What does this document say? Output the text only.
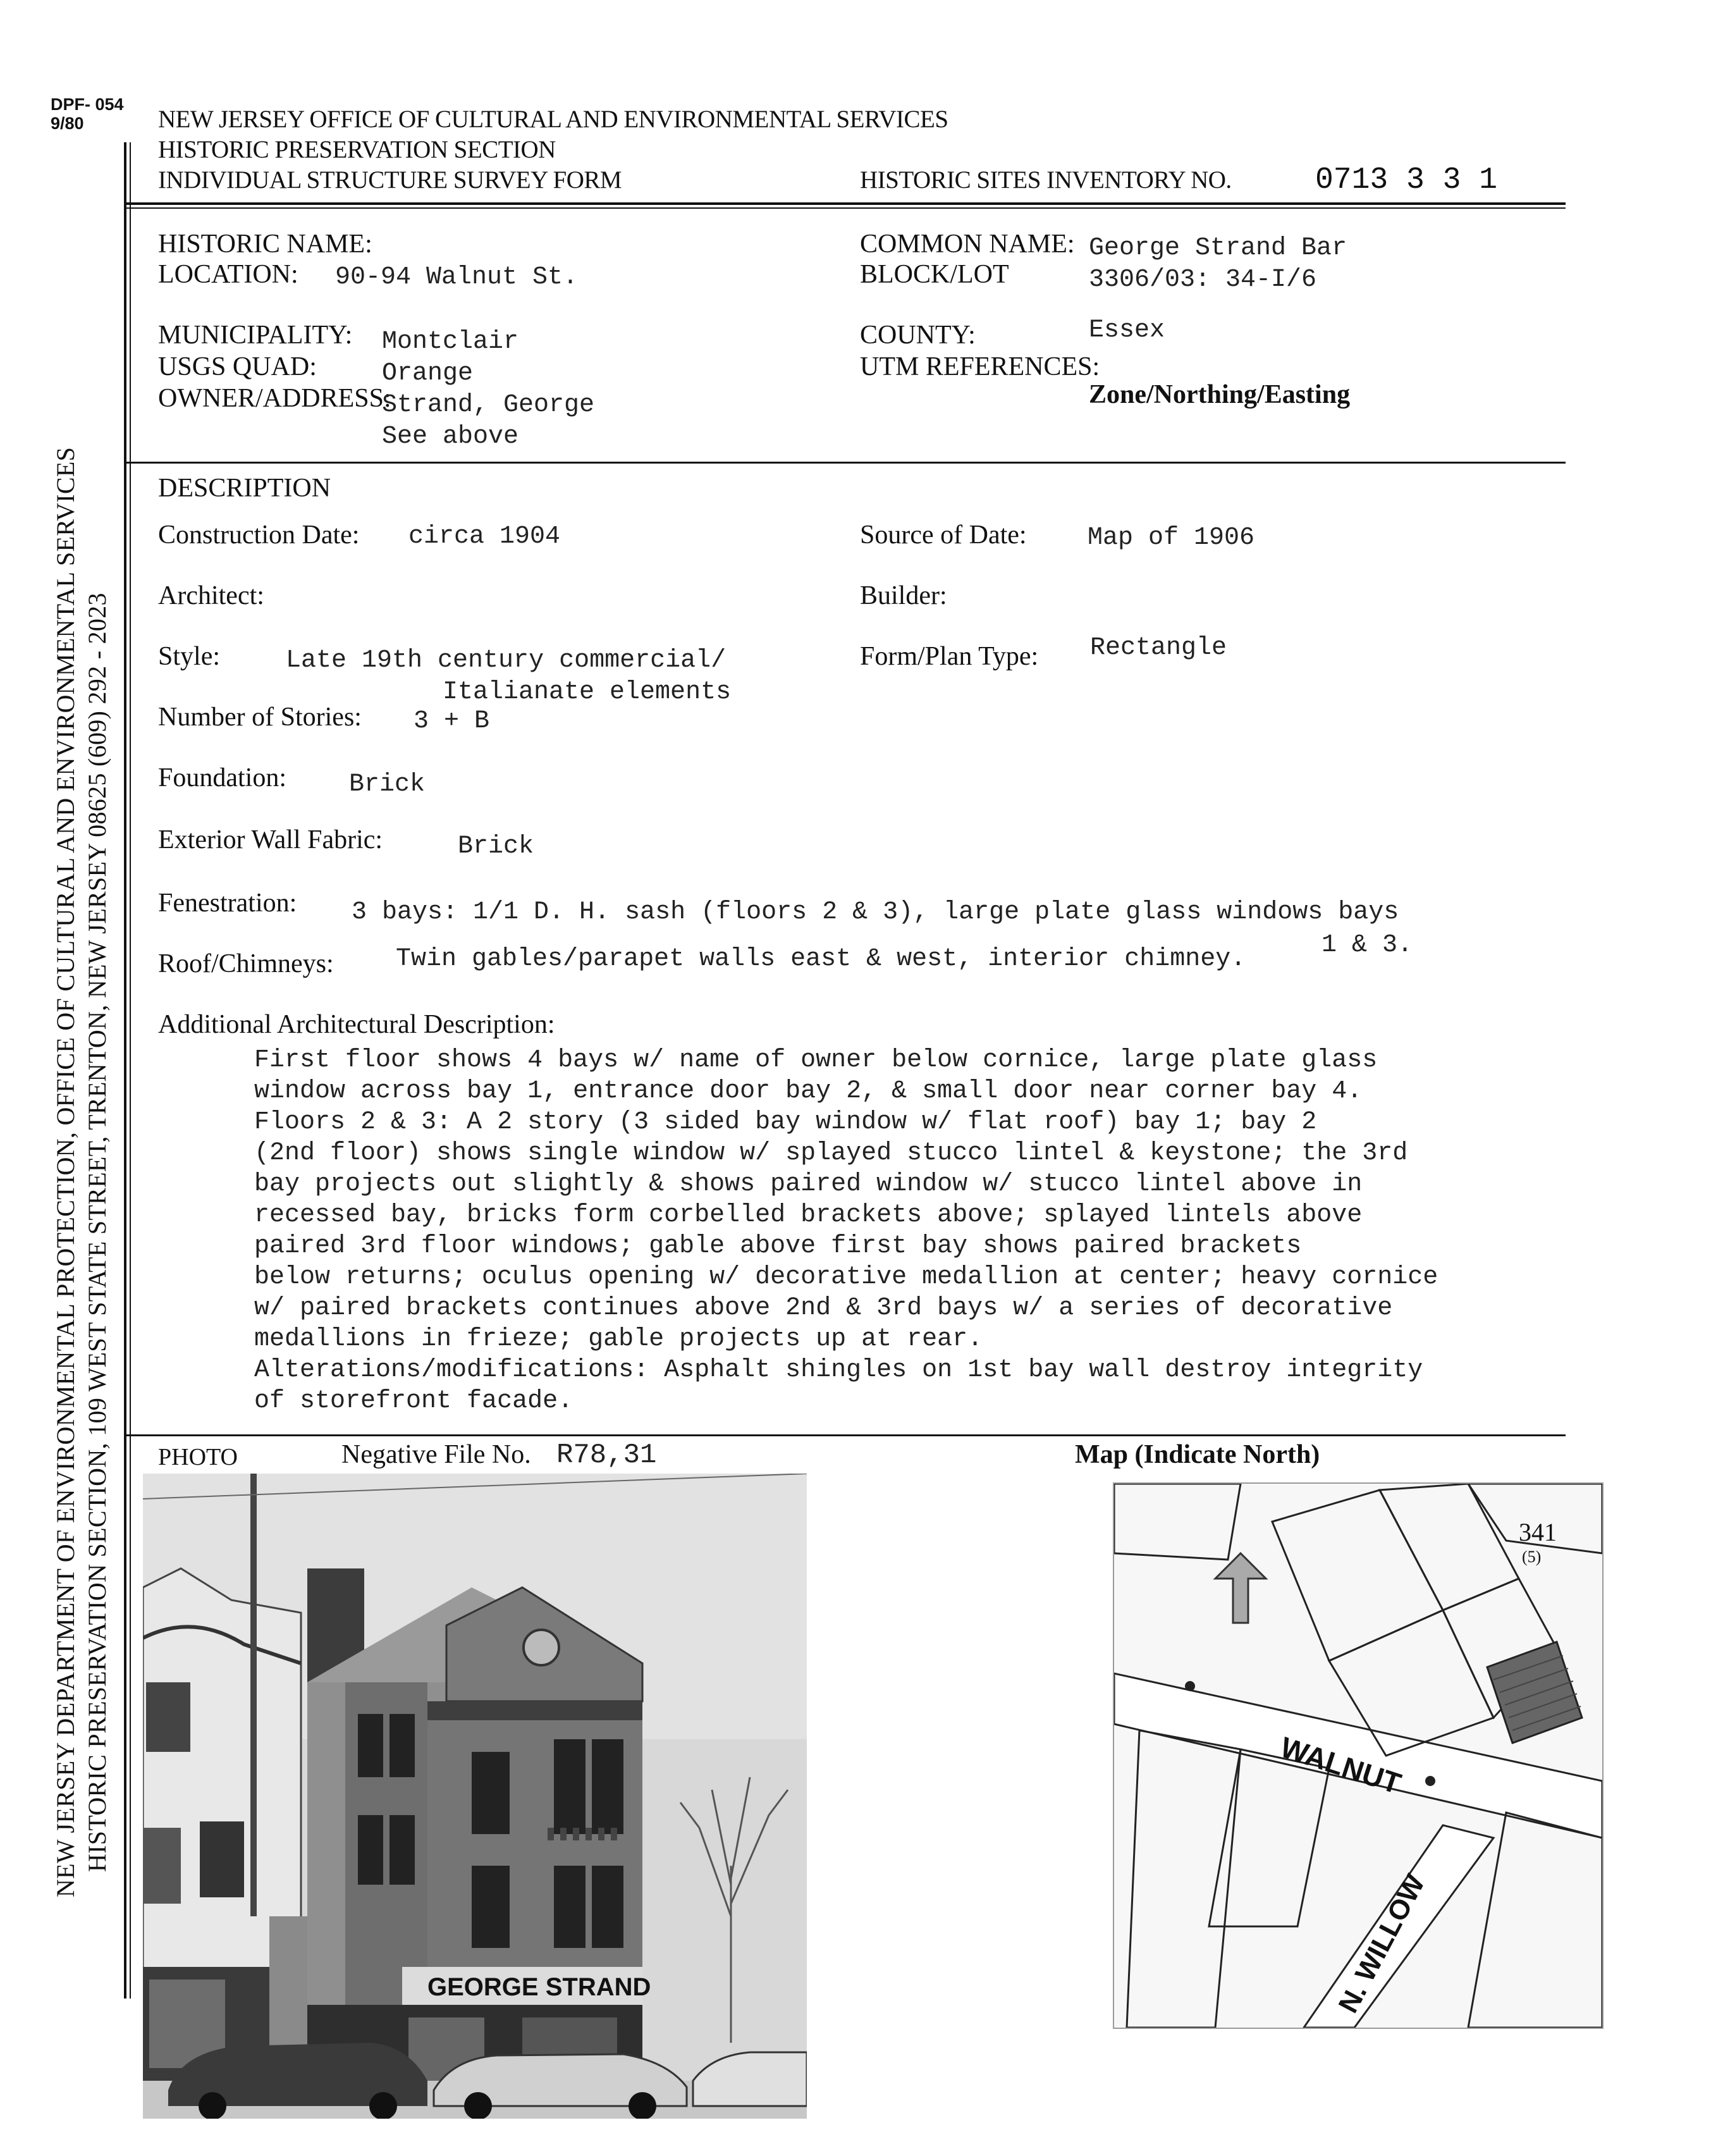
DPF- 054
9/80	NEW JERSEY OFFICE OF CULTURAL AND ENVIRONMENTAL SERVICES
HISTORIC PRESERVATION SECTION
INDIVIDUAL STRUCTURE SURVEY FORM	HISTORIC SITES INVENTORY NO.	0713 3 3 1
HISTORIC NAME:
LOCATION: 90-94 Walnut St.
COMMON NAME: George Strand Bar
BLOCK/LOT	3306/03: 34-I/6
MUNICIPALITY: Montclair
USGS QUAD:	Orange
OWNER/ADDRESS:
Strand, George
See above
COUNTY:	Essex
UTM REFERENCES:
Zone/Northing/Easting
DESCRIPTION
Construction Date: circa 1904	Source of Date: Map of 1906
Architect:	Builder:
Style:	Late 19th century commercial/
Italianate elements
Form/Plan Type: Rectangle
Number of Stories: 3 + B
Foundation: Brick
Exterior Wall Fabric:	Brick
Fenestration: 3 bays: 1/1 D. H. sash (floors 2 & 3), large plate glass windows bays
1 & 3.
Roof/Chimneys: Twin gables/parapet walls east & west, interior chimney.
Additional Architectural Description:
First floor shows 4 bays w/ name of owner below cornice, large plate glass
window across bay 1, entrance door bay 2, & small door near corner bay 4.
Floors 2 & 3: A 2 story (3 sided bay window w/ flat roof) bay 1; bay 2
(2nd floor) shows single window w/ splayed stucco lintel & keystone; the 3rd
bay projects out slightly & shows paired window w/ stucco lintel above in
recessed bay, bricks form corbelled brackets above; splayed lintels above
paired 3rd floor windows; gable above first bay shows paired brackets
below returns; oculus opening w/ decorative medallion at center; heavy cornice
w/ paired brackets continues above 2nd & 3rd bays w/ a series of decorative
medallions in frieze; gable projects up at rear.
Alterations/modifications: Asphalt shingles on 1st bay wall destroy integrity
of storefront facade.
PHOTO	Negative File No. R78,31	Map (Indicate North)
GEORGE STRAND
WALNUT
N. WILLOW
341
(5)
NEW JERSEY DEPARTMENT OF ENVIRONMENTAL PROTECTION, OFFICE OF CULTURAL AND ENVIRONMENTAL SERVICES HISTORIC PRESERVATION SECTION, 109 WEST STATE STREET, TRENTON, NEW JERSEY 08625 (609) 292 - 2023
